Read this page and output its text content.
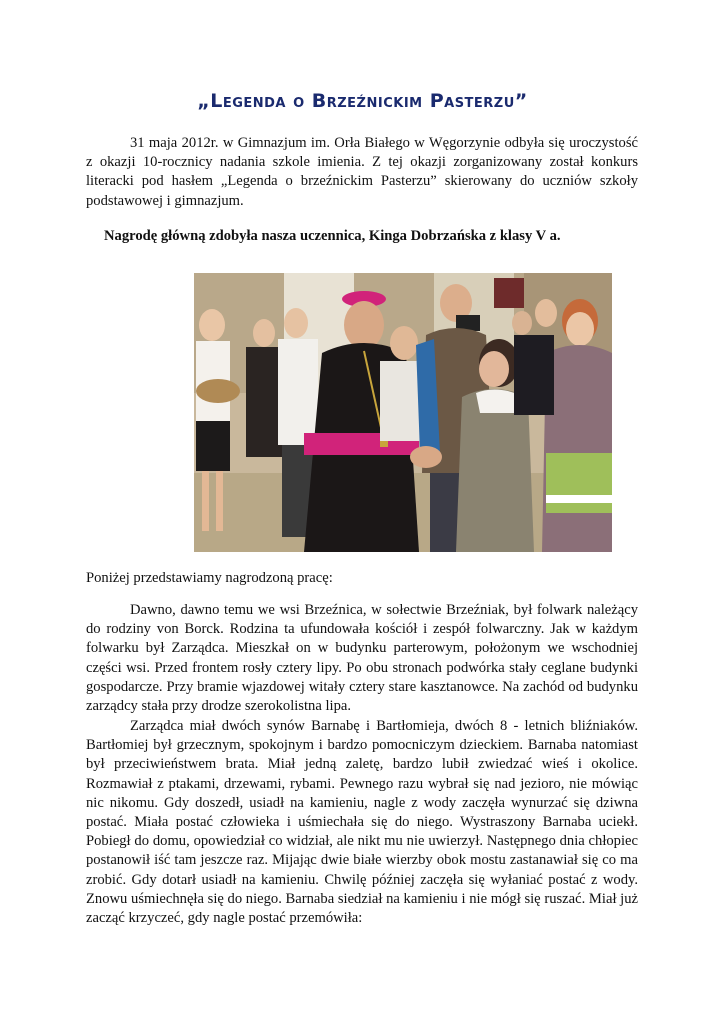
„Legenda o Brzeźnickim Pasterzu”

31 maja 2012r. w Gimnazjum im. Orła Białego w Węgorzynie odbyła się uroczystość z okazji 10-rocznicy nadania szkole imienia. Z tej okazji zorganizowany został konkurs literacki pod hasłem „Legenda o brzeźnickim Pasterzu” skierowany do uczniów szkoły podstawowej i gimnazjum.

Nagrodę główną zdobyła nasza uczennica, Kinga Dobrzańska z klasy V a.

Poniżej przedstawiamy nagrodzoną pracę:

Dawno, dawno temu we wsi Brzeźnica, w sołectwie Brzeźniak, był folwark należący do rodziny von Borck. Rodzina ta ufundowała kościół i zespół folwarczny. Jak w każdym folwarku był Zarządca. Mieszkał on w budynku parterowym, położonym we wschodniej części wsi. Przed frontem rosły cztery lipy. Po obu stronach podwórka stały ceglane budynki gospodarcze. Przy bramie wjazdowej witały cztery stare kasztanowce. Na zachód od budynku zarządcy stała przy drodze szerokolistna lipa.

Zarządca miał dwóch synów Barnabę i Bartłomieja, dwóch 8 - letnich bliźniaków. Bartłomiej był grzecznym, spokojnym i bardzo pomocniczym dzieckiem. Barnaba natomiast był przeciwieństwem brata. Miał jedną zaletę, bardzo lubił zwiedzać wieś i okolice. Rozmawiał z ptakami, drzewami, rybami. Pewnego razu wybrał się nad jezioro, nie mówiąc nic nikomu. Gdy doszedł, usiadł na kamieniu, nagle z wody zaczęła wynurzać się dziwna postać. Miała postać człowieka i uśmiechała się do niego. Wystraszony Barnaba uciekł. Pobiegł do domu, opowiedział co widział, ale nikt mu nie uwierzył. Następnego dnia chłopiec postanowił iść tam jeszcze raz. Mijając dwie białe wierzby obok mostu zastanawiał się co ma zrobić. Gdy dotarł usiadł na kamieniu. Chwilę później zaczęła się wyłaniać postać z wody. Znowu uśmiechnęła się do niego. Barnaba siedział na kamieniu i nie mógł się ruszać. Miał już zacząć krzyczeć, gdy nagle postać przemówiła:
